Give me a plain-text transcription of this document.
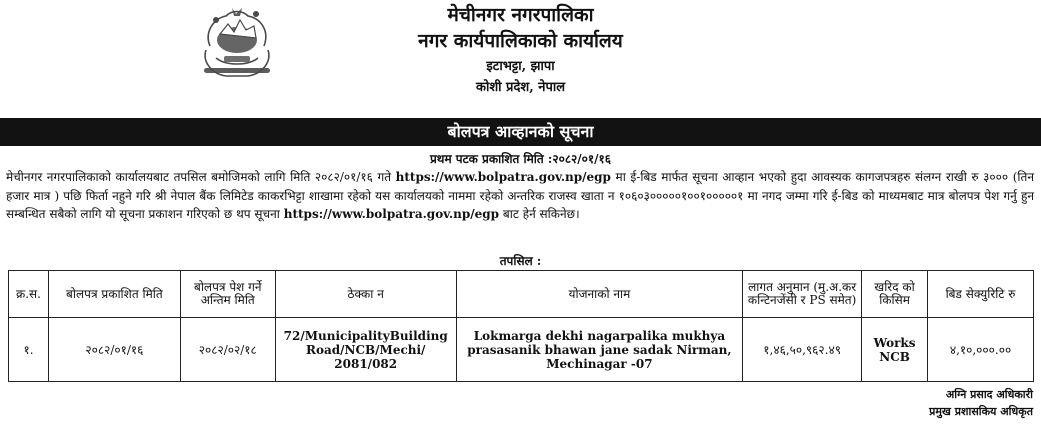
मेचीनगर नगरपालिका
नगर कार्यपालिकाको कार्यालय
इटाभट्टा, झापा
कोशी प्रदेश, नेपाल
बोलपत्र आव्हानको सूचना
प्रथम पटक प्रकाशित मिति :२०८२/०१/१६
मेचीनगर नगरपालिकाको कार्यालयबाट तपसिल बमोजिमको लागि मिति २०८२/०१/१६ गते https://www.bolpatra.gov.np/egp मा ई-बिड मार्फत सूचना आव्हान भएको हुदा आवस्यक कागजपत्रहरु संलग्न राखी रु ३००० (तिन हजार मात्र ) पछि फिर्ता नहुने गरि श्री नेपाल बैंक लिमिटेड काकरभिट्टा शाखामा रहेको यस कार्यालयको नाममा रहेको अन्तरिक राजस्व खाता न १०६०३०००००१००१०००००१ मा नगद जम्मा गरि ई-बिड को माध्यमबाट मात्र बोलपत्र पेश गर्नु हुन सम्बन्धित सबैको लागि यो सूचना प्रकाशन गरिएको छ थप सूचना https://www.bolpatra.gov.np/egp बाट हेर्न सकिनेछ।
तपसिल :
क्र.स.	बोलपत्र प्रकाशित मिति	बोलपत्र पेश गर्ने अन्तिम मिति	ठेक्का न	योजनाको नाम	लागत अनुमान (मु.अ.कर कन्टिनजेंसी र PS समेत)	खरिद को किसिम	बिड सेक्युरिटि रु
१.	२०८२/०१/१६	२०८२/०२/१८	72/MunicipalityBuilding Road/NCB/Mechi/ 2081/082	Lokmarga dekhi nagarpalika mukhya prasasanik bhawan jane sadak Nirman, Mechinagar -07	१,४६,५०,९६२.४९	Works NCB	४,१०,०००.००
अग्नि प्रसाद अधिकारी
प्रमुख प्रशासकिय अधिकृत
